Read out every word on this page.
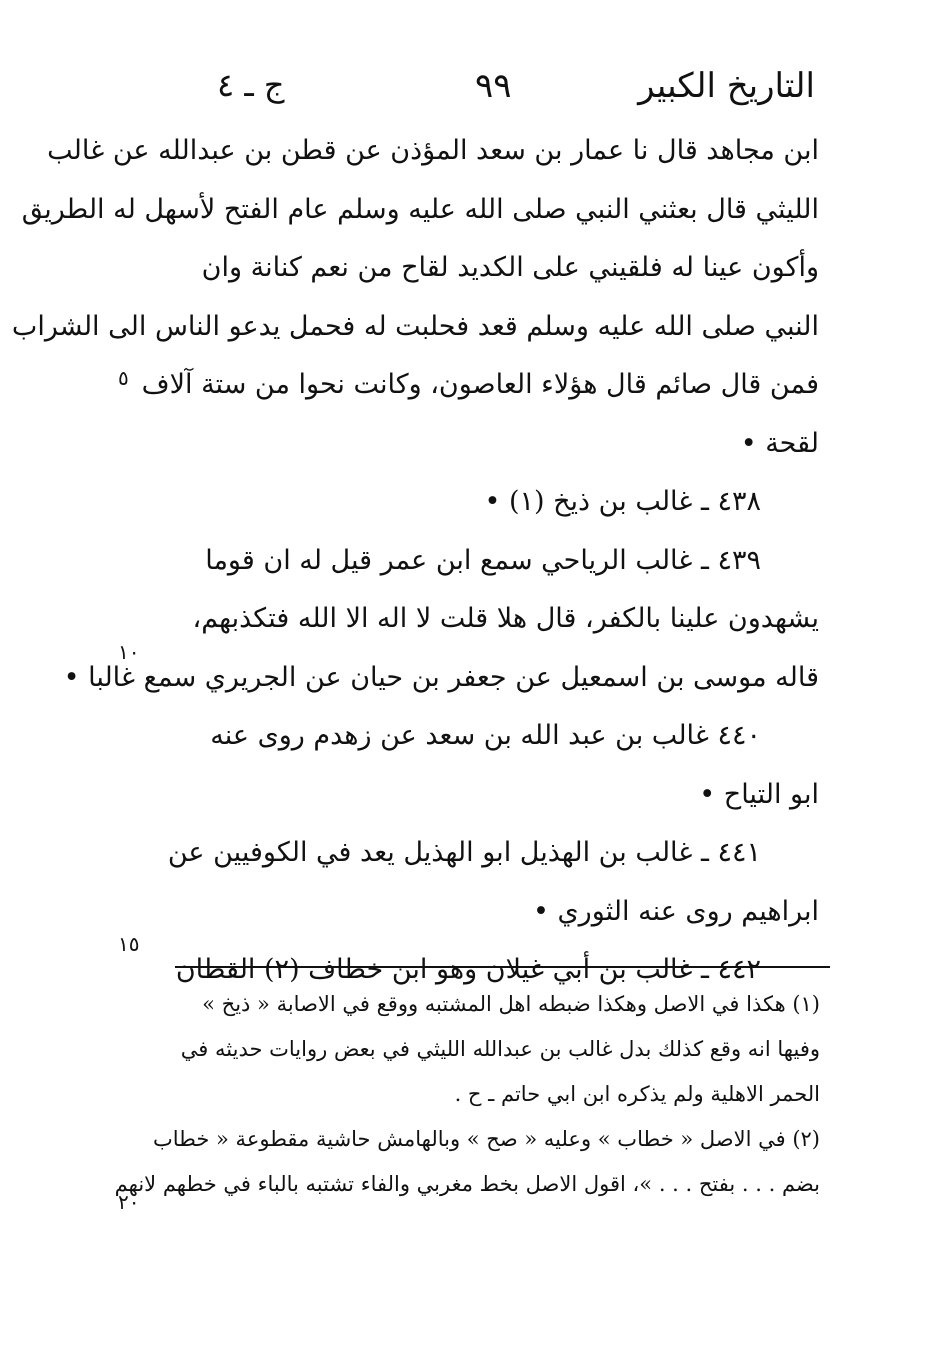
التاريخ الكبير
٩٩
ج ـ ٤
ابن مجاهد قال نا عمار بن سعد المؤذن عن قطن بن عبدالله عن غالب
الليثي قال بعثني النبي صلى الله عليه وسلم عام الفتح لأسهل له الطريق
وأكون عينا له فلقيني على الكديد لقاح من نعم كنانة وان
النبي صلى الله عليه وسلم قعد فحلبت له فحمل يدعو الناس الى الشراب
فمن قال صائم قال هؤلاء العاصون، وكانت نحوا من ستة آلاف
لقحة •
٤٣٨ ـ غالب بن ذيخ (١) •
٤٣٩ ـ غالب الرياحي سمع ابن عمر قيل له ان قوما
يشهدون علينا بالكفر، قال هلا قلت لا اله الا الله فتكذبهم،
قاله موسى بن اسمعيل عن جعفر بن حيان عن الجريري سمع غالبا •
٤٤٠ غالب بن عبد الله بن سعد عن زهدم روى عنه
ابو التياح •
٤٤١ ـ غالب بن الهذيل ابو الهذيل يعد في الكوفيين عن
ابراهيم روى عنه الثوري •
٤٤٢ ـ غالب بن أبي غيلان وهو ابن خطاف (٢) القطان
٥
١٠
١٥
٢٠
(١) هكذا في الاصل وهكذا ضبطه اهل المشتبه ووقع في الاصابة « ذيخ »
وفيها انه وقع كذلك بدل غالب بن عبدالله الليثي في بعض روايات حديثه في
الحمر الاهلية ولم يذكره ابن ابي حاتم ـ ح .
(٢) في الاصل « خطاب » وعليه « صح » وبالهامش حاشية مقطوعة « خطاب
بضم . . . بفتح . . . »، اقول الاصل بخط مغربي والفاء تشتبه بالباء في خطهم لانهم
